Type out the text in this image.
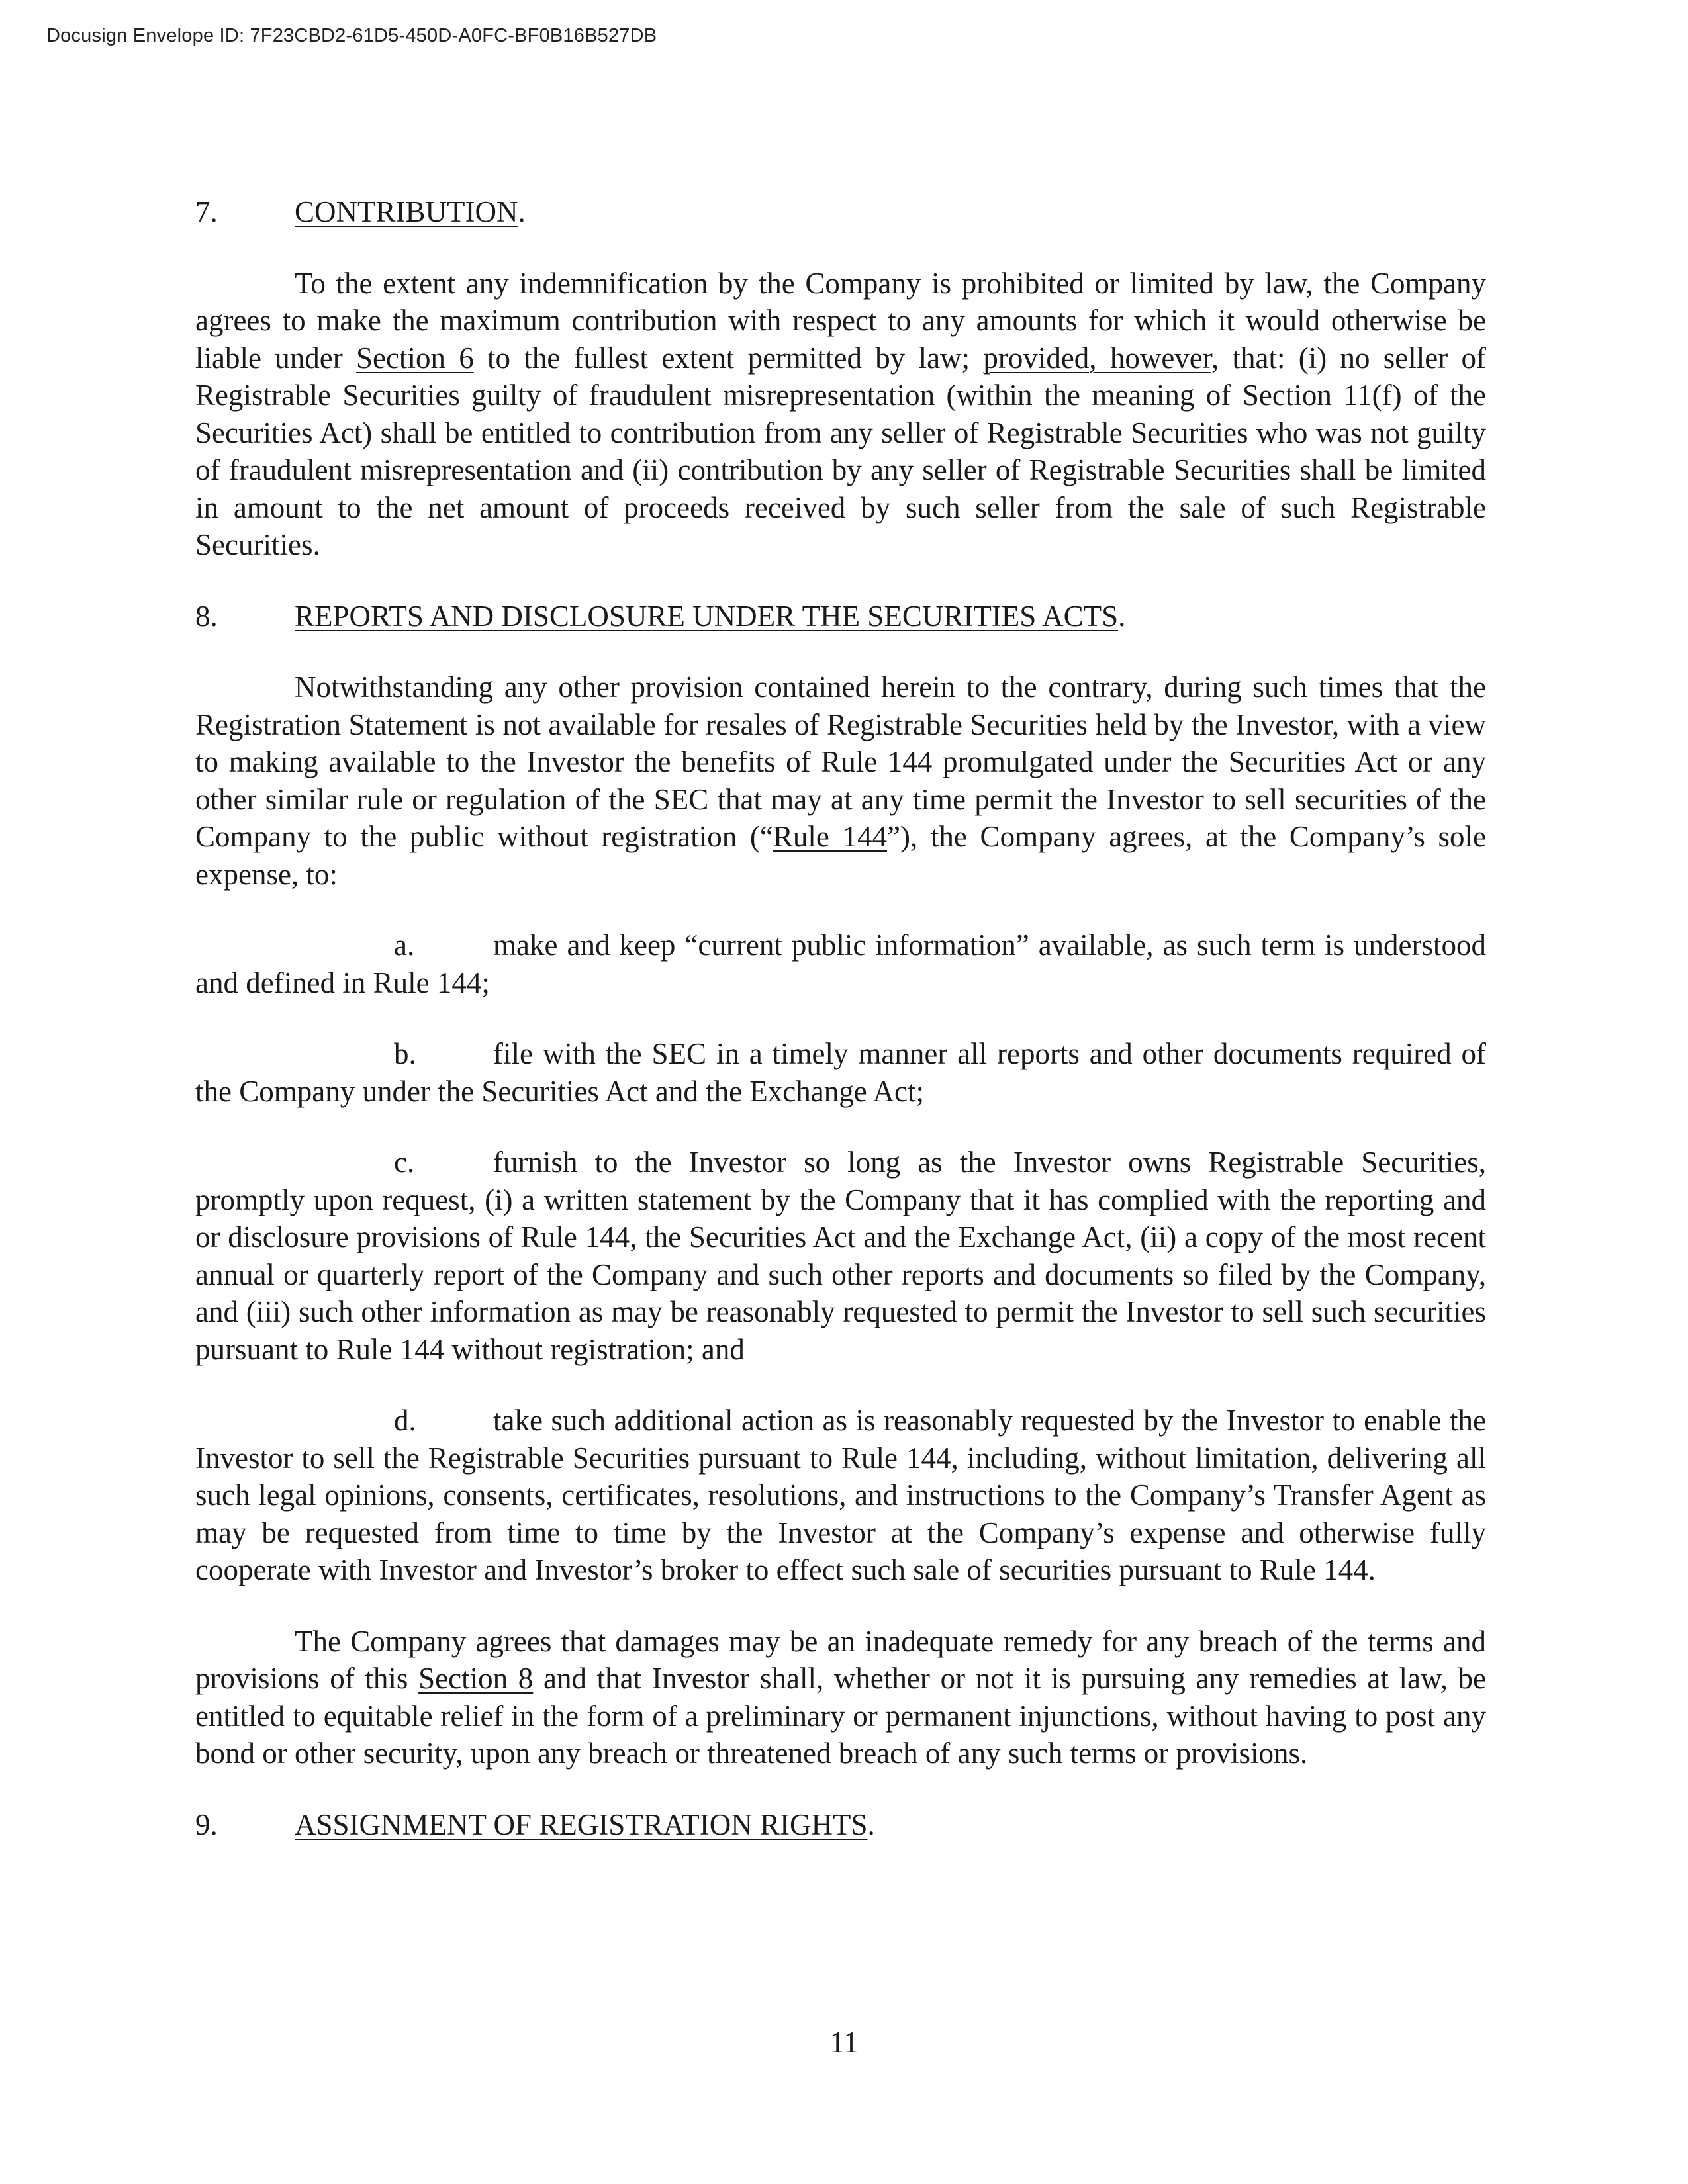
Docusign Envelope ID: 7F23CBD2-61D5-450D-A0FC-BF0B16B527DB
7.	CONTRIBUTION.

To the extent any indemnification by the Company is prohibited or limited by law, the Company agrees to make the maximum contribution with respect to any amounts for which it would otherwise be liable under Section 6 to the fullest extent permitted by law; provided, however, that: (i) no seller of Registrable Securities guilty of fraudulent misrepresentation (within the meaning of Section 11(f) of the Securities Act) shall be entitled to contribution from any seller of Registrable Securities who was not guilty of fraudulent misrepresentation and (ii) contribution by any seller of Registrable Securities shall be limited in amount to the net amount of proceeds received by such seller from the sale of such Registrable Securities.

8.	REPORTS AND DISCLOSURE UNDER THE SECURITIES ACTS.

Notwithstanding any other provision contained herein to the contrary, during such times that the Registration Statement is not available for resales of Registrable Securities held by the Investor, with a view to making available to the Investor the benefits of Rule 144 promulgated under the Securities Act or any other similar rule or regulation of the SEC that may at any time permit the Investor to sell securities of the Company to the public without registration (“Rule 144”), the Company agrees, at the Company’s sole expense, to:

a.	make and keep “current public information” available, as such term is understood and defined in Rule 144;

b.	file with the SEC in a timely manner all reports and other documents required of the Company under the Securities Act and the Exchange Act;

c.	furnish to the Investor so long as the Investor owns Registrable Securities, promptly upon request, (i) a written statement by the Company that it has complied with the reporting and or disclosure provisions of Rule 144, the Securities Act and the Exchange Act, (ii) a copy of the most recent annual or quarterly report of the Company and such other reports and documents so filed by the Company, and (iii) such other information as may be reasonably requested to permit the Investor to sell such securities pursuant to Rule 144 without registration; and

d.	take such additional action as is reasonably requested by the Investor to enable the Investor to sell the Registrable Securities pursuant to Rule 144, including, without limitation, delivering all such legal opinions, consents, certificates, resolutions, and instructions to the Company’s Transfer Agent as may be requested from time to time by the Investor at the Company’s expense and otherwise fully cooperate with Investor and Investor’s broker to effect such sale of securities pursuant to Rule 144.

The Company agrees that damages may be an inadequate remedy for any breach of the terms and provisions of this Section 8 and that Investor shall, whether or not it is pursuing any remedies at law, be entitled to equitable relief in the form of a preliminary or permanent injunctions, without having to post any bond or other security, upon any breach or threatened breach of any such terms or provisions.

9.	ASSIGNMENT OF REGISTRATION RIGHTS.
11
